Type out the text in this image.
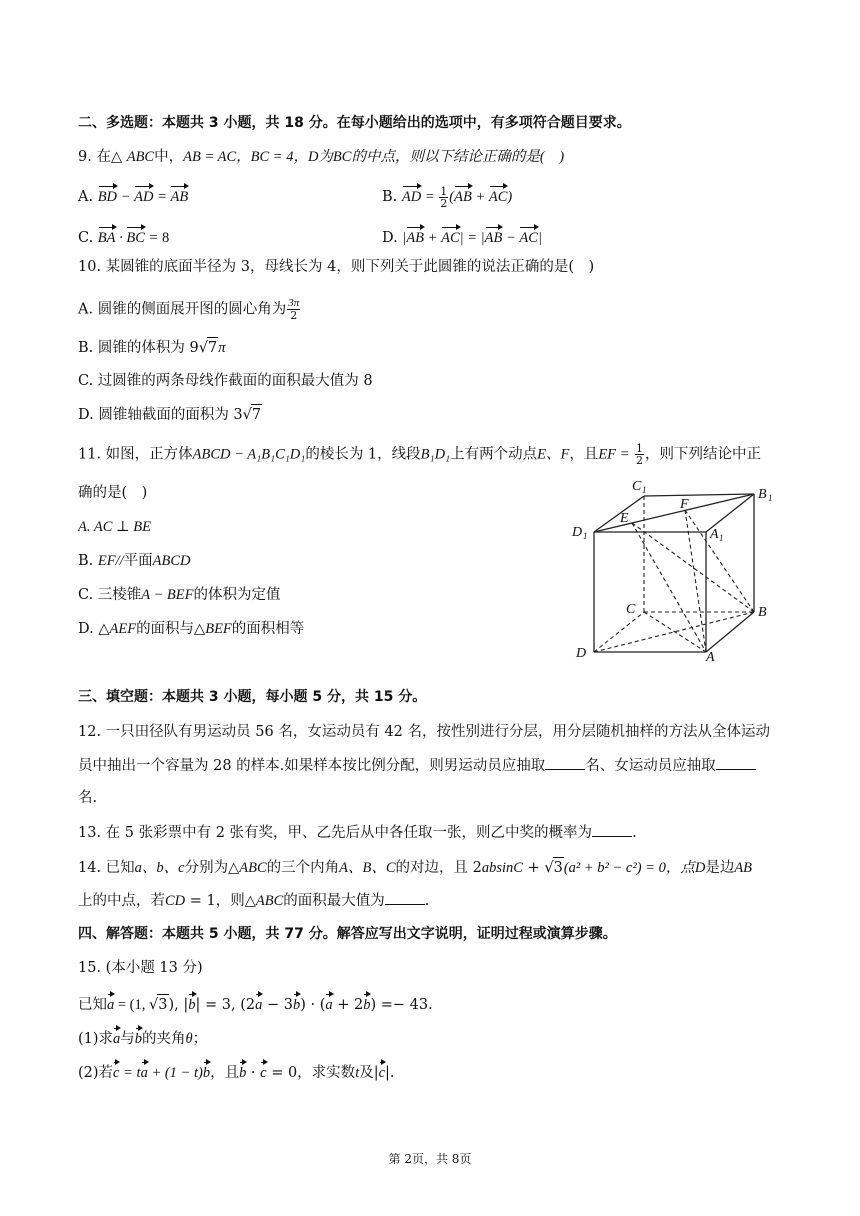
二、多选题：本题共 3 小题，共 18 分。在每小题给出的选项中，有多项符合题目要求。
9. 在△ ABC中，AB = AC，BC = 4，D为BC的中点，则以下结论正确的是(　)
A. BD − AD = AB	B. AD = $\frac{1}{2} (AB + AC)$
C. BA · BC = 8	D. |AB + AC| = |AB − AC|
10. 某圆锥的底面半径为 3，母线长为 4，则下列关于此圆锥的说法正确的是(　)
A. 圆锥的侧面展开图的圆心角为 $\frac{3\pi}{2}$
B. 圆锥的体积为 9√7π
C. 过圆锥的两条母线作截面的面积最大值为 8
D. 圆锥轴截面的面积为 3√7
11. 如图，正方体ABCD − A₁B₁C₁D₁的棱长为 1，线段B₁D₁上有两个动点E、F，且EF = $\frac{1}{2}$ ，则下列结论中正
确的是(　)
A. AC ⊥ BE
B. EF//平面ABCD
C. 三棱锥A − BEF的体积为定值
D. △AEF的面积与△BEF的面积相等
C 1	B 1
D 1	A 1
E
F
C	B
D	A
三、填空题：本题共 3 小题，每小题 5 分，共 15 分。
12. 一只田径队有男运动员 56 名，女运动员有 42 名，按性别进行分层，用分层随机抽样的方法从全体运动
员中抽出一个容量为 28 的样本.如果样本按比例分配，则男运动员应抽取	名、女运动员应抽取
名.
13. 在 5 张彩票中有 2 张有奖，甲、乙先后从中各任取一张，则乙中奖的概率为	.
14. 已知a、b、c分别为△ABC的三个内角A、B、C的对边，且 2absinC + √3(a² + b² − c²) = 0，点D是边AB
上的中点，若CD = 1，则△ABC的面积最大值为	.
四、解答题：本题共 5 小题，共 77 分。解答应写出文字说明，证明过程或演算步骤。
15. (本小题 13 分)
已知a = (1, √3), |b| = 3, (2a − 3b) · (a + 2b) =− 43.
(1)求a与b的夹角θ；
(2)若c = ta + (1 − t)b，且b · c = 0，求实数t及|c|.
第 2页，共 8页
